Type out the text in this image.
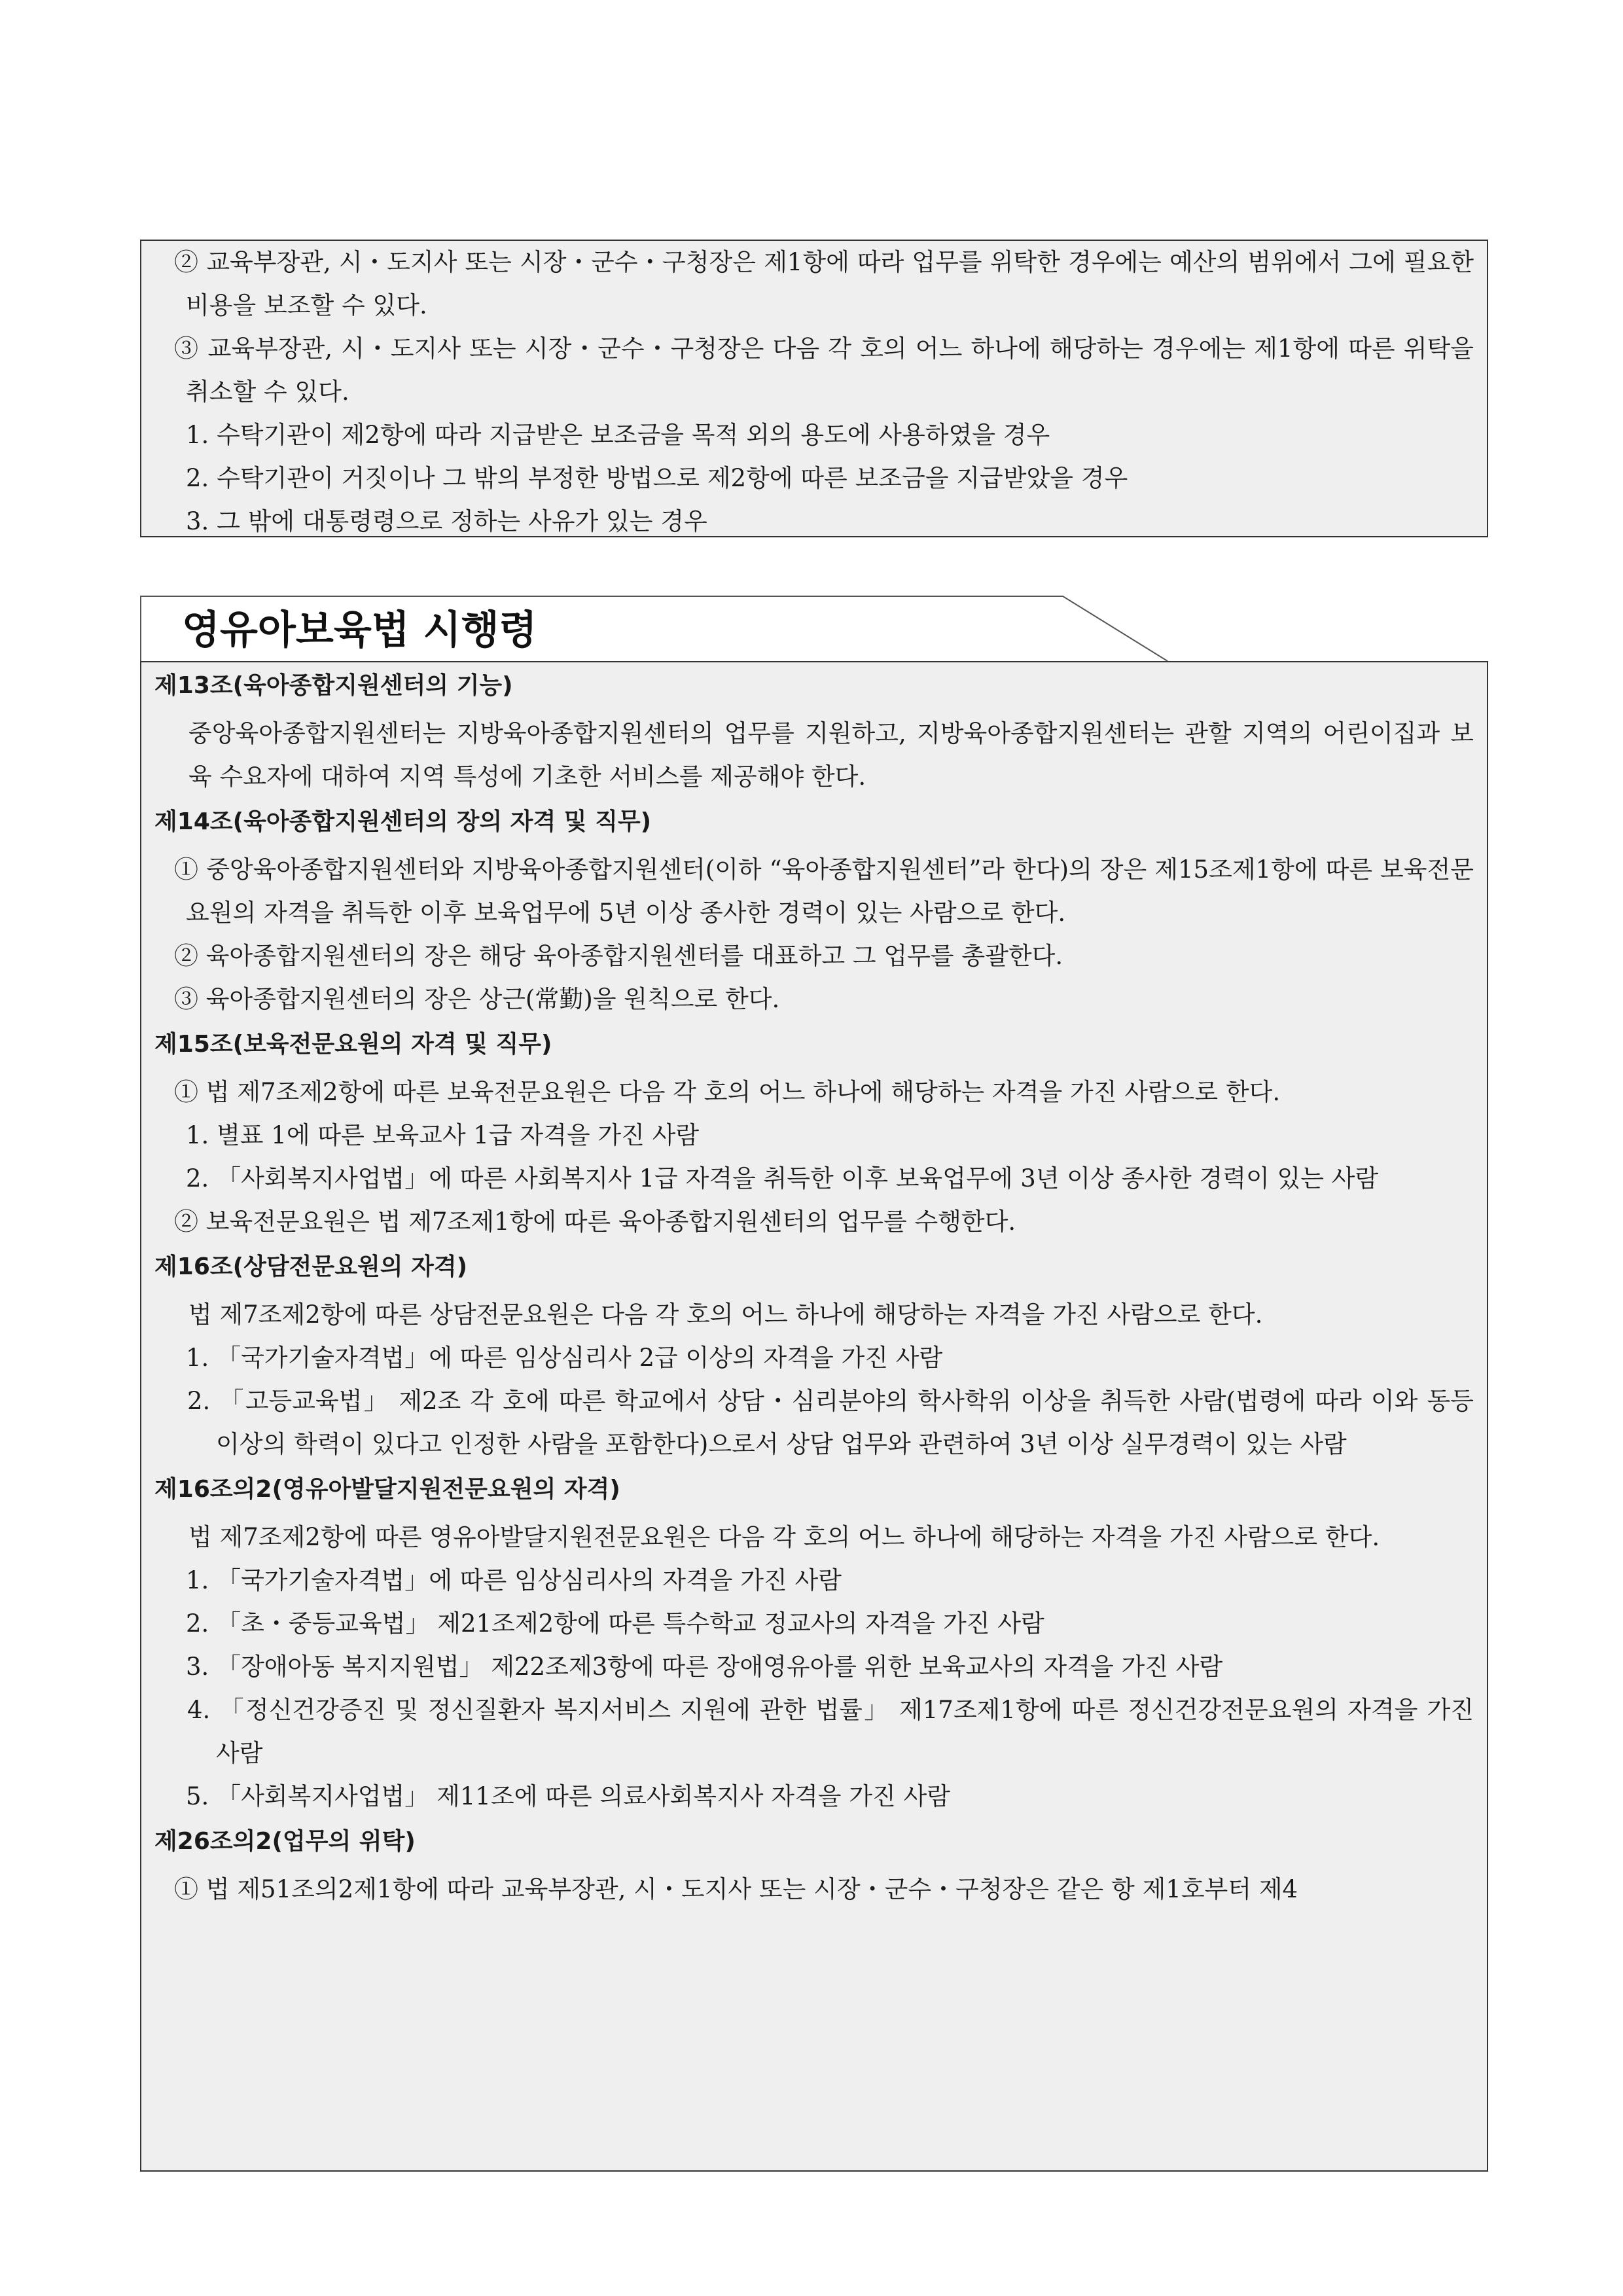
② 교육부장관, 시・도지사 또는 시장・군수・구청장은 제1항에 따라 업무를 위탁한 경우에는 예산의 범위에서 그에 필요한 비용을 보조할 수 있다.

③ 교육부장관, 시・도지사 또는 시장・군수・구청장은 다음 각 호의 어느 하나에 해당하는 경우에는 제1항에 따른 위탁을 취소할 수 있다.

1. 수탁기관이 제2항에 따라 지급받은 보조금을 목적 외의 용도에 사용하였을 경우

2. 수탁기관이 거짓이나 그 밖의 부정한 방법으로 제2항에 따른 보조금을 지급받았을 경우

3. 그 밖에 대통령령으로 정하는 사유가 있는 경우

영유아보육법 시행령
제13조(육아종합지원센터의 기능)

중앙육아종합지원센터는 지방육아종합지원센터의 업무를 지원하고, 지방육아종합지원센터는 관할 지역의 어린이집과 보육 수요자에 대하여 지역 특성에 기초한 서비스를 제공해야 한다.

제14조(육아종합지원센터의 장의 자격 및 직무)

① 중앙육아종합지원센터와 지방육아종합지원센터(이하 “육아종합지원센터”라 한다)의 장은 제15조제1항에 따른 보육전문요원의 자격을 취득한 이후 보육업무에 5년 이상 종사한 경력이 있는 사람으로 한다.

② 육아종합지원센터의 장은 해당 육아종합지원센터를 대표하고 그 업무를 총괄한다.

③ 육아종합지원센터의 장은 상근(常勤)을 원칙으로 한다.

제15조(보육전문요원의 자격 및 직무)

① 법 제7조제2항에 따른 보육전문요원은 다음 각 호의 어느 하나에 해당하는 자격을 가진 사람으로 한다.

1. 별표 1에 따른 보육교사 1급 자격을 가진 사람

2. 「사회복지사업법」에 따른 사회복지사 1급 자격을 취득한 이후 보육업무에 3년 이상 종사한 경력이 있는 사람

② 보육전문요원은 법 제7조제1항에 따른 육아종합지원센터의 업무를 수행한다.

제16조(상담전문요원의 자격)

법 제7조제2항에 따른 상담전문요원은 다음 각 호의 어느 하나에 해당하는 자격을 가진 사람으로 한다.

1. 「국가기술자격법」에 따른 임상심리사 2급 이상의 자격을 가진 사람

2. 「고등교육법」 제2조 각 호에 따른 학교에서 상담・심리분야의 학사학위 이상을 취득한 사람(법령에 따라 이와 동등 이상의 학력이 있다고 인정한 사람을 포함한다)으로서 상담 업무와 관련하여 3년 이상 실무경력이 있는 사람

제16조의2(영유아발달지원전문요원의 자격)

법 제7조제2항에 따른 영유아발달지원전문요원은 다음 각 호의 어느 하나에 해당하는 자격을 가진 사람으로 한다.

1. 「국가기술자격법」에 따른 임상심리사의 자격을 가진 사람

2. 「초・중등교육법」 제21조제2항에 따른 특수학교 정교사의 자격을 가진 사람

3. 「장애아동 복지지원법」 제22조제3항에 따른 장애영유아를 위한 보육교사의 자격을 가진 사람

4. 「정신건강증진 및 정신질환자 복지서비스 지원에 관한 법률」 제17조제1항에 따른 정신건강전문요원의 자격을 가진 사람

5. 「사회복지사업법」 제11조에 따른 의료사회복지사 자격을 가진 사람

제26조의2(업무의 위탁)

① 법 제51조의2제1항에 따라 교육부장관, 시・도지사 또는 시장・군수・구청장은 같은 항 제1호부터 제4
